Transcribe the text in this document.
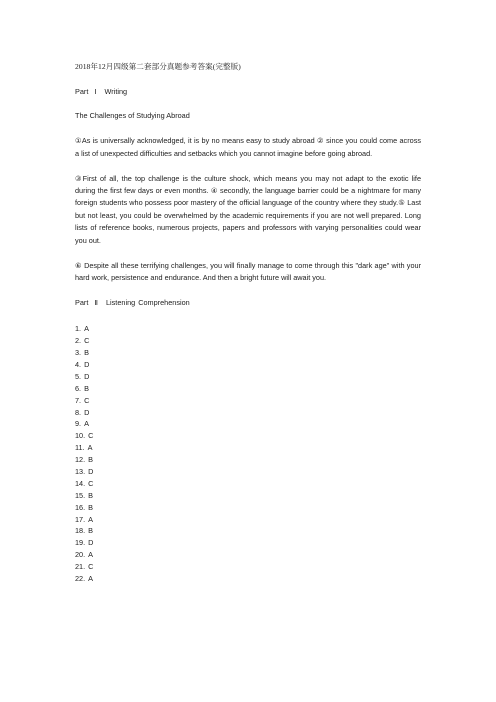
2018年12月四级第二套部分真题参考答案(完整版)

Part Ⅰ Writing

The Challenges of Studying Abroad

①As is universally acknowledged, it is by no means easy to study abroad ② since you could come across a list of unexpected difficulties and setbacks which you cannot imagine before going abroad.

③First of all, the top challenge is the culture shock, which means you may not adapt to the exotic life during the first few days or even months. ④ secondly, the language barrier could be a nightmare for many foreign students who possess poor mastery of the official language of the country where they study.⑤ Last but not least, you could be overwhelmed by the academic requirements if you are not well prepared. Long lists of reference books, numerous projects, papers and professors with varying personalities could wear you out.

⑥ Despite all these terrifying challenges, you will finally manage to come through this "dark age" with your hard work, persistence and endurance. And then a bright future will await you.

Part Ⅱ Listening Comprehension

1. A
2. C
3. B
4. D
5. D
6. B
7. C
8. D
9. A
10. C
11. A
12. B
13. D
14. C
15. B
16. B
17. A
18. B
19. D
20. A
21. C
22. A
